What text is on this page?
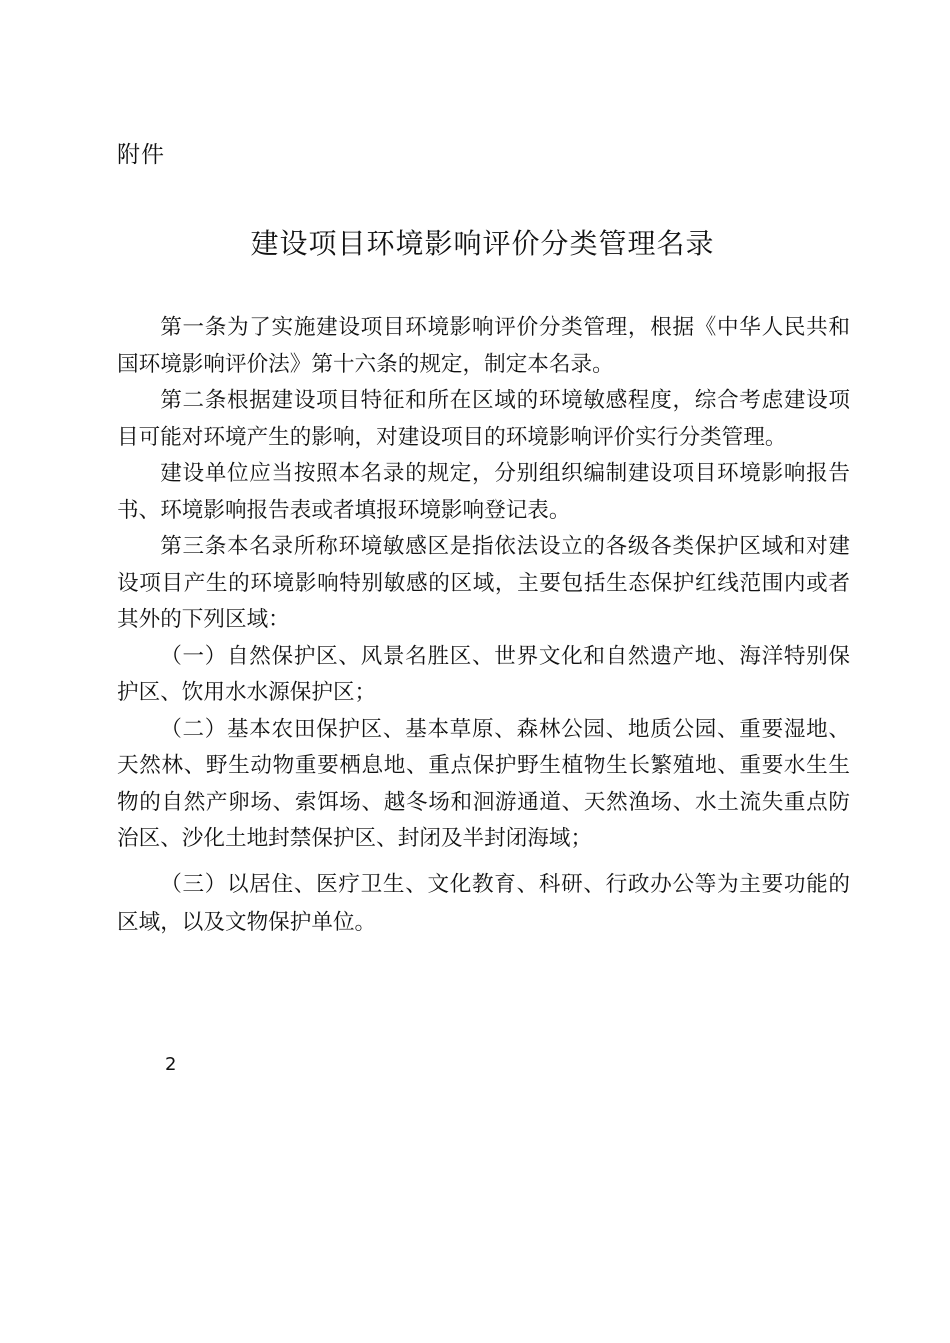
附件
建设项目环境影响评价分类管理名录

第一条为了实施建设项目环境影响评价分类管理，根据《中华人民共和国环境影响评价法》第十六条的规定，制定本名录。

第二条根据建设项目特征和所在区域的环境敏感程度，综合考虑建设项目可能对环境产生的影响，对建设项目的环境影响评价实行分类管理。

建设单位应当按照本名录的规定，分别组织编制建设项目环境影响报告书、环境影响报告表或者填报环境影响登记表。

第三条本名录所称环境敏感区是指依法设立的各级各类保护区域和对建设项目产生的环境影响特别敏感的区域，主要包括生态保护红线范围内或者其外的下列区域：

（一）自然保护区、风景名胜区、世界文化和自然遗产地、海洋特别保护区、饮用水水源保护区；

（二）基本农田保护区、基本草原、森林公园、地质公园、重要湿地、天然林、野生动物重要栖息地、重点保护野生植物生长繁殖地、重要水生生物的自然产卵场、索饵场、越冬场和洄游通道、天然渔场、水土流失重点防治区、沙化土地封禁保护区、封闭及半封闭海域；

（三）以居住、医疗卫生、文化教育、科研、行政办公等为主要功能的区域，以及文物保护单位。

2
